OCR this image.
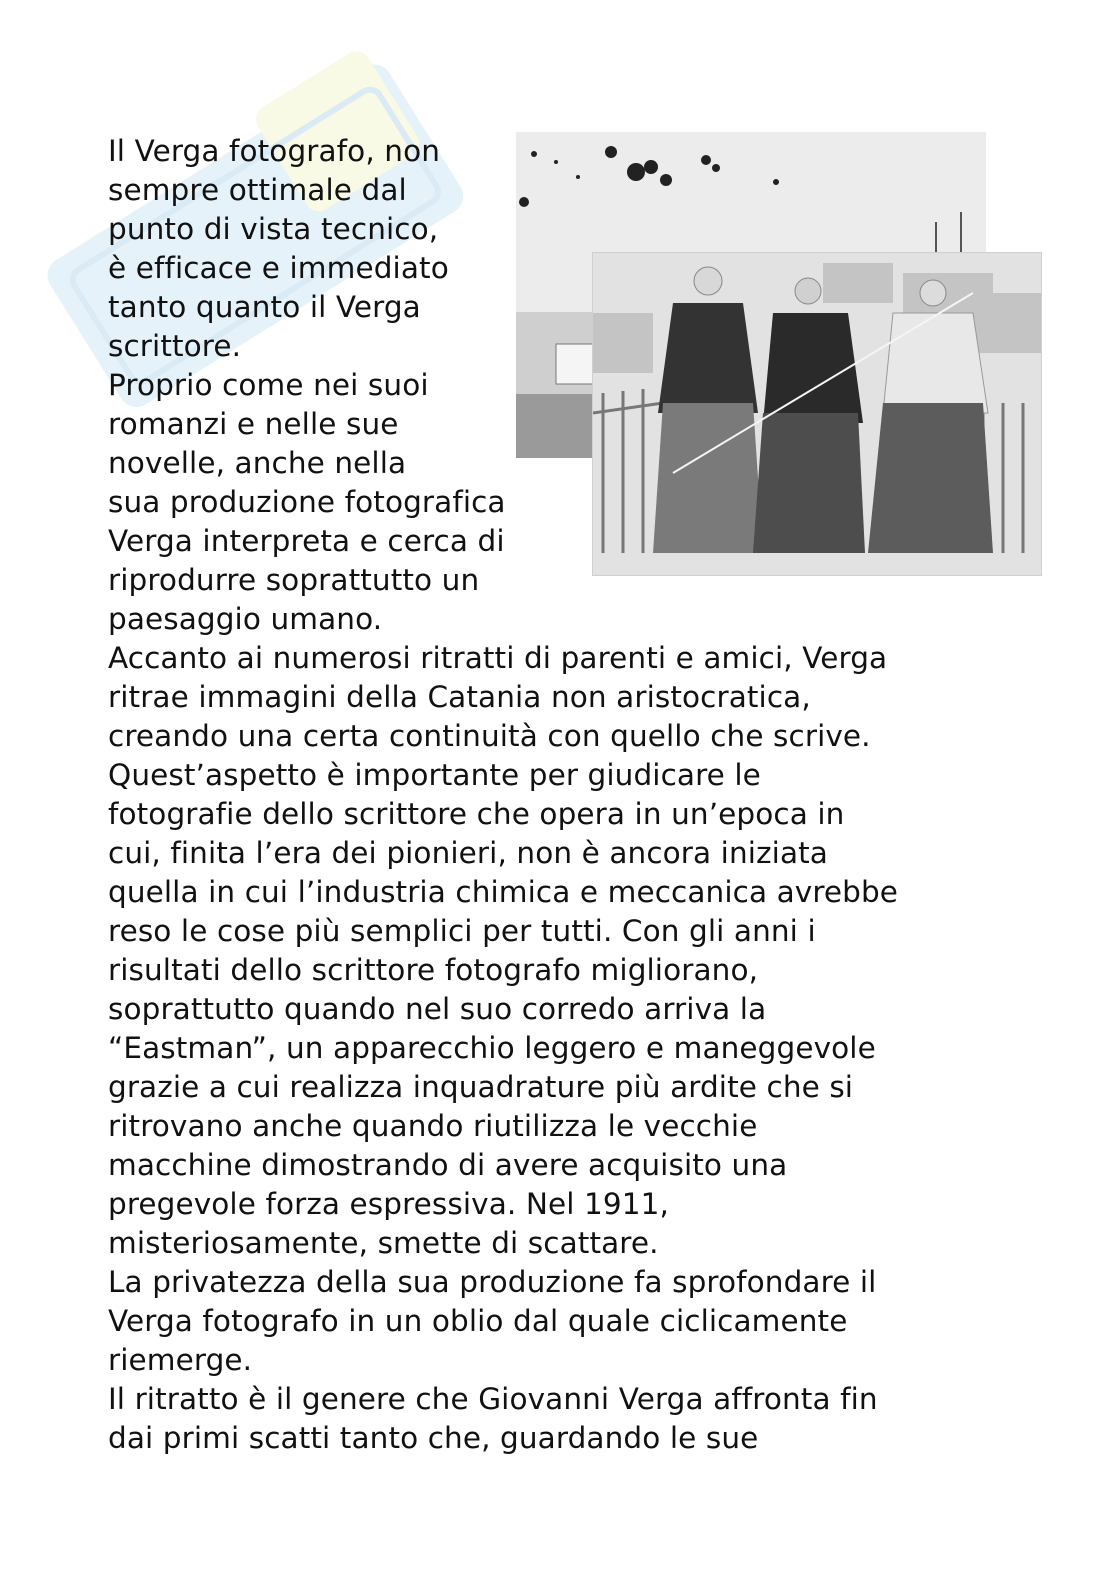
Il Verga fotografo, non
sempre ottimale dal
punto di vista tecnico,
è efficace e immediato
tanto quanto il Verga
scrittore.
Proprio come nei suoi
romanzi e nelle sue
novelle, anche nella
sua produzione fotografica
Verga interpreta e cerca di
riprodurre soprattutto un
paesaggio umano.
Accanto ai numerosi ritratti di parenti e amici, Verga
ritrae immagini della Catania non aristocratica,
creando una certa continuità con quello che scrive.
Quest’aspetto è importante per giudicare le
fotografie dello scrittore che opera in un’epoca in
cui, finita l’era dei pionieri, non è ancora iniziata
quella in cui l’industria chimica e meccanica avrebbe
reso le cose più semplici per tutti. Con gli anni i
risultati dello scrittore fotografo migliorano,
soprattutto quando nel suo corredo arriva la
“Eastman”, un apparecchio leggero e maneggevole
grazie a cui realizza inquadrature più ardite che si
ritrovano anche quando riutilizza le vecchie
macchine dimostrando di avere acquisito una
pregevole forza espressiva. Nel 1911,
misteriosamente, smette di scattare.
La privatezza della sua produzione fa sprofondare il
Verga fotografo in un oblio dal quale ciclicamente
riemerge.
Il ritratto è il genere che Giovanni Verga affronta fin
dai primi scatti tanto che, guardando le sue
